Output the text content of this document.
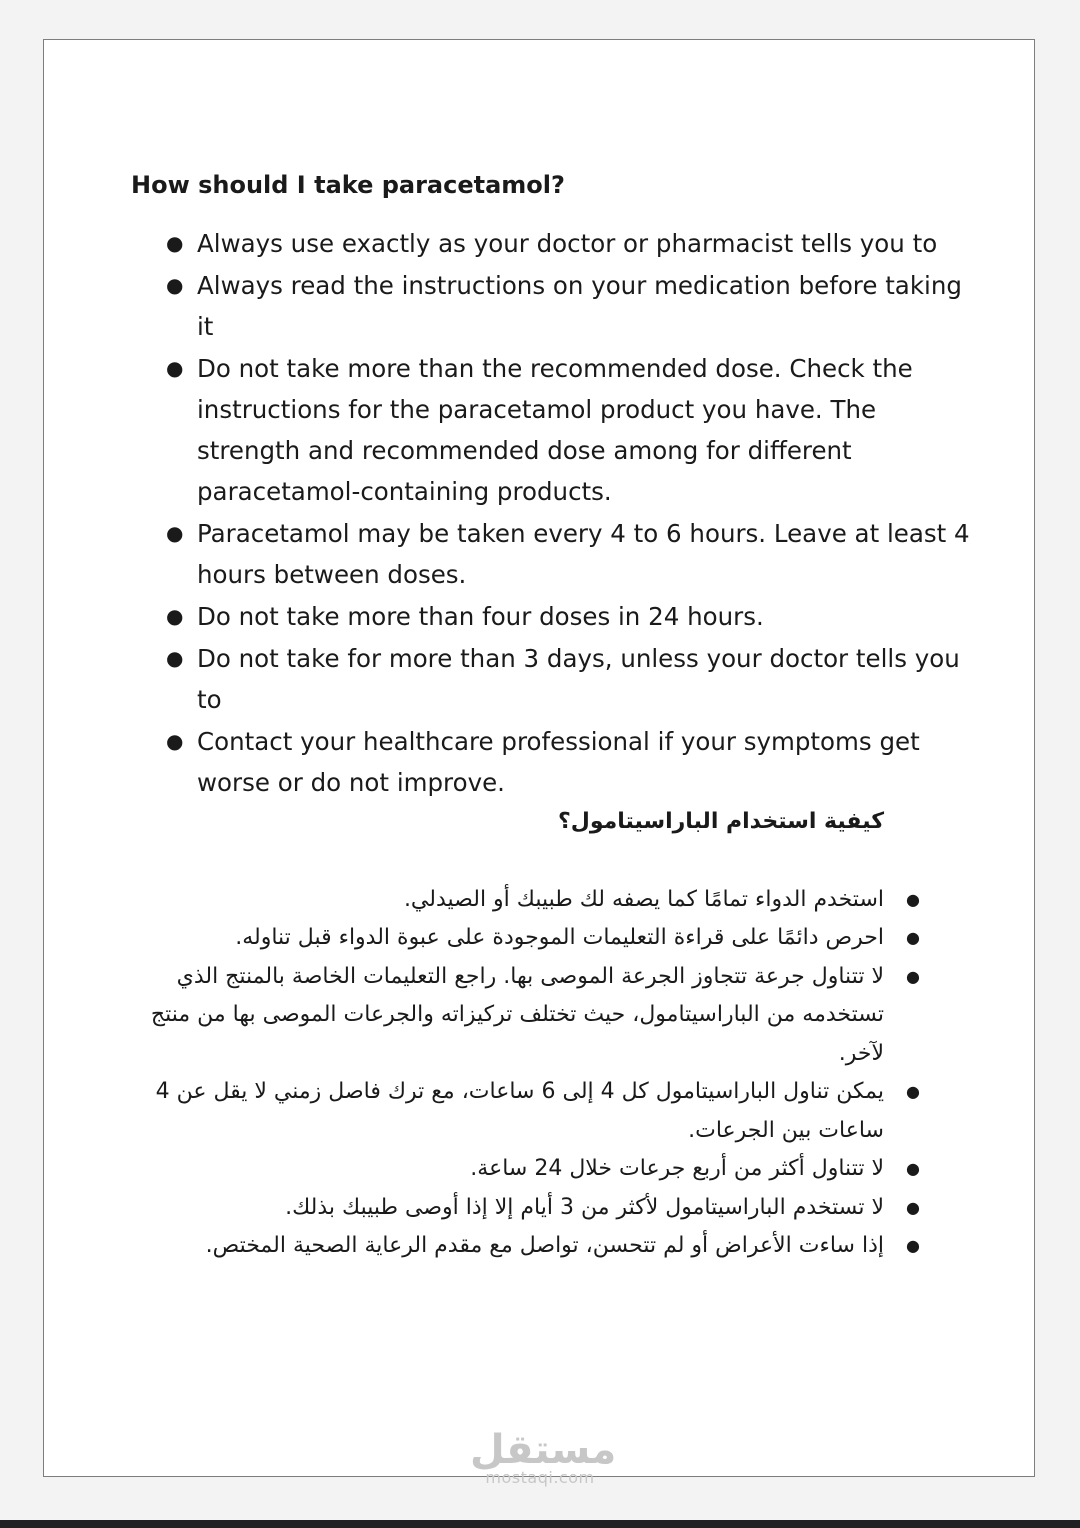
How should I take paracetamol?
● Always use exactly as your doctor or pharmacist tells you to
● Always read the instructions on your medication before taking it
● Do not take more than the recommended dose. Check the instructions for the paracetamol product you have. The strength and recommended dose among for different paracetamol-containing products.
● Paracetamol may be taken every 4 to 6 hours. Leave at least 4 hours between doses.
● Do not take more than four doses in 24 hours.
● Do not take for more than 3 days, unless your doctor tells you to
● Contact your healthcare professional if your symptoms get worse or do not improve.
كيفية استخدام الباراسيتامول؟
●
استخدم الدواء تمامًا كما يصفه لك طبيبك أو الصيدلي.
●
احرص دائمًا على قراءة التعليمات الموجودة على عبوة الدواء قبل تناوله.
●
لا تتناول جرعة تتجاوز الجرعة الموصى بها. راجع التعليمات الخاصة بالمنتج الذي تستخدمه من الباراسيتامول، حيث تختلف تركيزاته والجرعات الموصى بها من منتج لآخر.
●
يمكن تناول الباراسيتامول كل 4 إلى 6 ساعات، مع ترك فاصل زمني لا يقل عن 4 ساعات بين الجرعات.
●
لا تتناول أكثر من أربع جرعات خلال 24 ساعة.
●
لا تستخدم الباراسيتامول لأكثر من 3 أيام إلا إذا أوصى طبيبك بذلك.
●
إذا ساءت الأعراض أو لم تتحسن، تواصل مع مقدم الرعاية الصحية المختص.
مستقل
mostaqi.com
